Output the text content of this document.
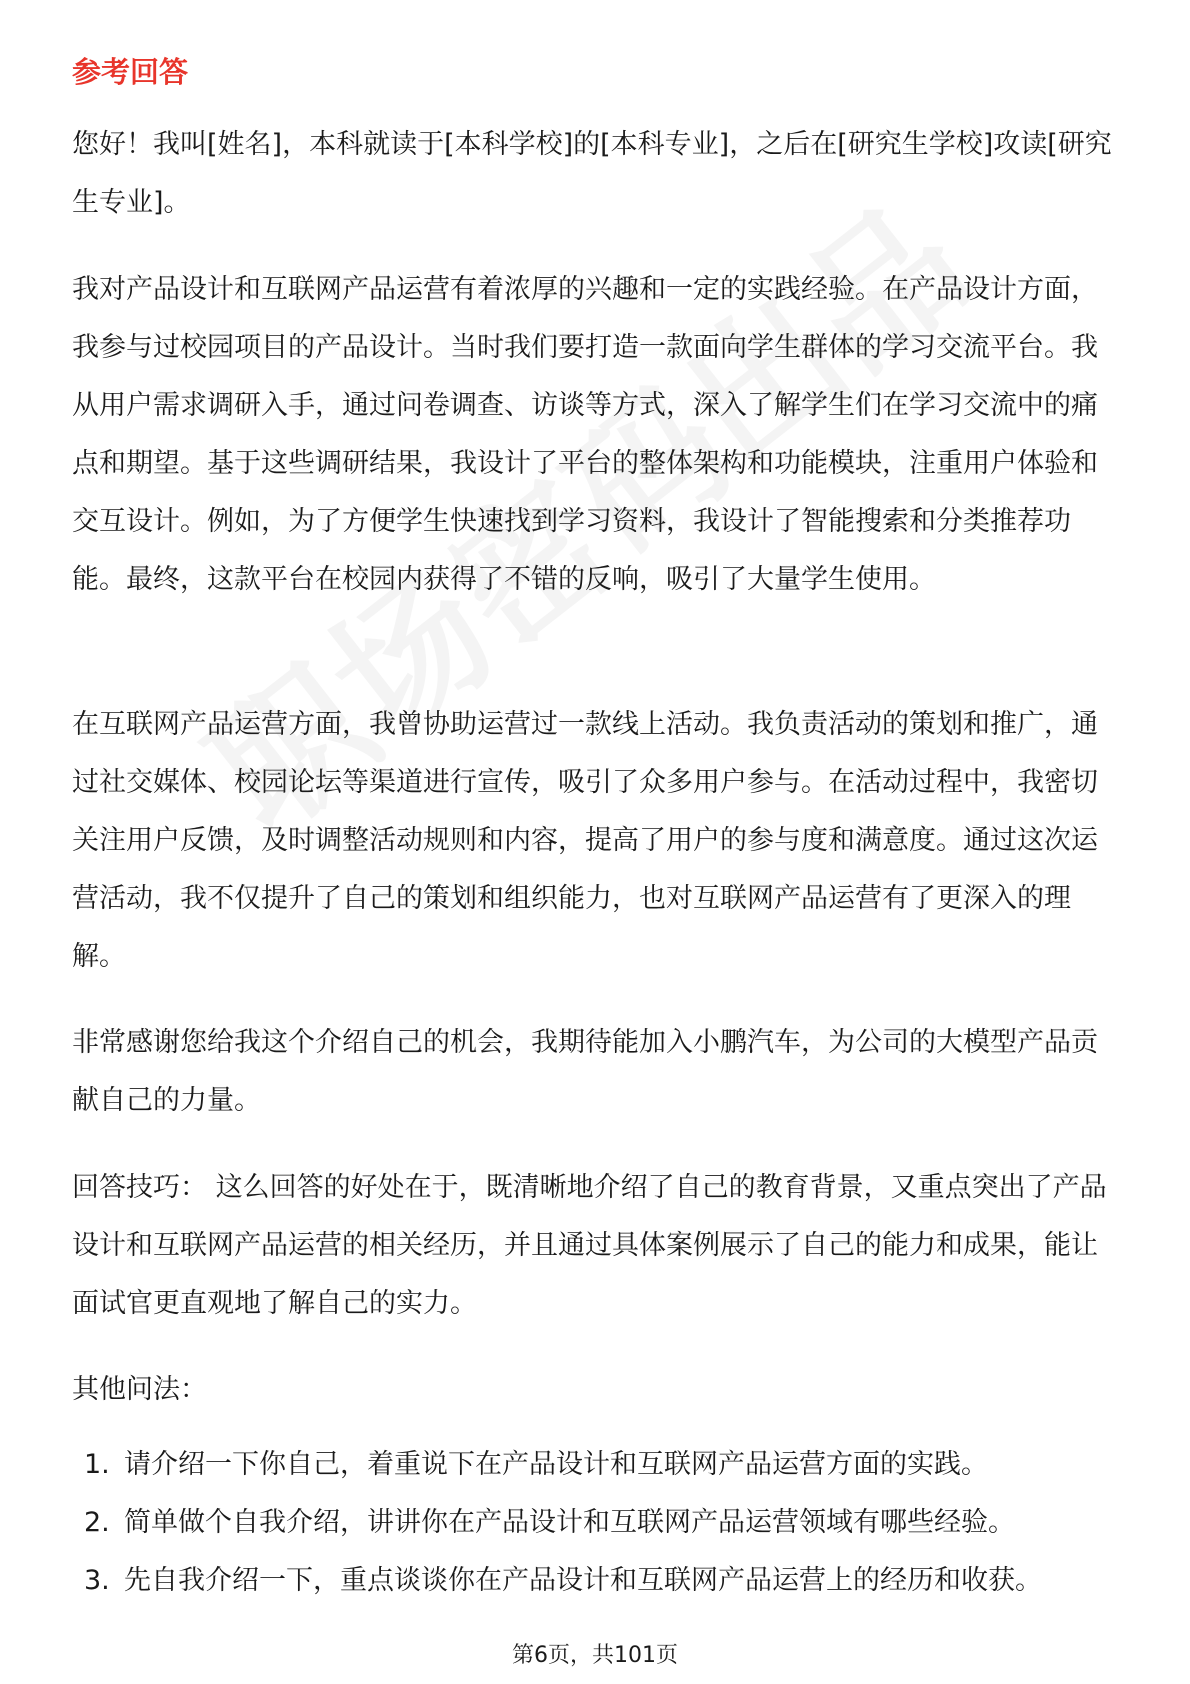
参考回答

您好！我叫[姓名]，本科就读于[本科学校]的[本科专业]，之后在[研究生学校]攻读[研究生专业]。

我对产品设计和互联网产品运营有着浓厚的兴趣和一定的实践经验。在产品设计方面，我参与过校园项目的产品设计。当时我们要打造一款面向学生群体的学习交流平台。我从用户需求调研入手，通过问卷调查、访谈等方式，深入了解学生们在学习交流中的痛点和期望。基于这些调研结果，我设计了平台的整体架构和功能模块，注重用户体验和交互设计。例如，为了方便学生快速找到学习资料，我设计了智能搜索和分类推荐功能。最终，这款平台在校园内获得了不错的反响，吸引了大量学生使用。

在互联网产品运营方面，我曾协助运营过一款线上活动。我负责活动的策划和推广，通过社交媒体、校园论坛等渠道进行宣传，吸引了众多用户参与。在活动过程中，我密切关注用户反馈，及时调整活动规则和内容，提高了用户的参与度和满意度。通过这次运营活动，我不仅提升了自己的策划和组织能力，也对互联网产品运营有了更深入的理解。

非常感谢您给我这个介绍自己的机会，我期待能加入小鹏汽车，为公司的大模型产品贡献自己的力量。

回答技巧： 这么回答的好处在于，既清晰地介绍了自己的教育背景，又重点突出了产品设计和互联网产品运营的相关经历，并且通过具体案例展示了自己的能力和成果，能让面试官更直观地了解自己的实力。

其他问法：

1. 请介绍一下你自己，着重说下在产品设计和互联网产品运营方面的实践。
2. 简单做个自我介绍，讲讲你在产品设计和互联网产品运营领域有哪些经验。
3. 先自我介绍一下，重点谈谈你在产品设计和互联网产品运营上的经历和收获。
第6页，共101页
